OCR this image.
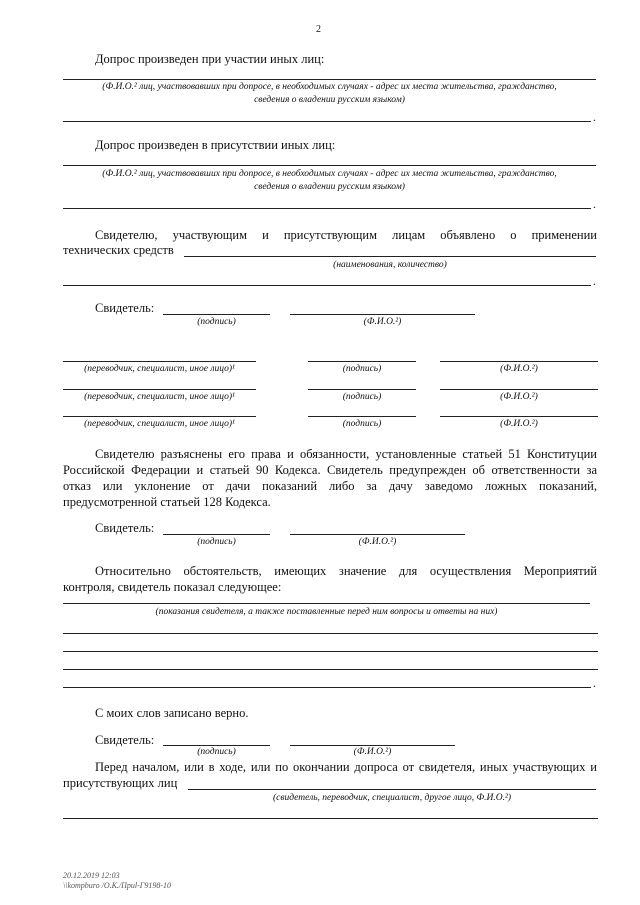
2
Допрос произведен при участии иных лиц:
(Ф.И.О.² лиц, участвовавших при допросе, в необходимых случаях - адрес их места жительства, гражданство,
сведения о владении русским языком)
.
Допрос произведен в присутствии иных лиц:
(Ф.И.О.² лиц, участвовавших при допросе, в необходимых случаях - адрес их места жительства, гражданство,
сведения о владении русским языком)
.
Свидетелю, участвующим и присутствующим лицам объявлено о применении
технических средств
(наименования, количество)
.
Свидетель:
(подпись)	(Ф.И.О.²)
(переводчик, специалист, иное лицо)¹	(подпись)	(Ф.И.О.²)
(переводчик, специалист, иное лицо)¹	(подпись)	(Ф.И.О.²)
(переводчик, специалист, иное лицо)¹	(подпись)	(Ф.И.О.²)
Свидетелю разъяснены его права и обязанности, установленные статьей 51 Конституции
Российской Федерации и статьей 90 Кодекса. Свидетель предупрежден об ответственности за
отказ или уклонение от дачи показаний либо за дачу заведомо ложных показаний,
предусмотренной статьей 128 Кодекса.
Свидетель:
(подпись)	(Ф.И.О.²)
Относительно обстоятельств, имеющих значение для осуществления Мероприятий
контроля, свидетель показал следующее:
(показания свидетеля, а также поставленные перед ним вопросы и ответы на них)
.
С моих слов записано верно.
Свидетель:
(подпись)	(Ф.И.О.²)
Перед началом, или в ходе, или по окончании допроса от свидетеля, иных участвующих и
присутствующих лиц
(свидетель, переводчик, специалист, другое лицо, Ф.И.О.²)
20.12.2019 12:03
\\kompburo /О.К./Приl-Г9198-10
